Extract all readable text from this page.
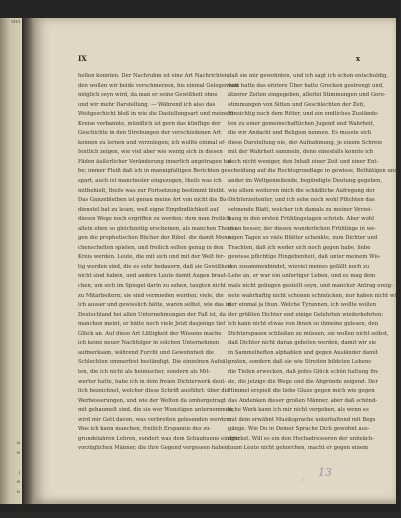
vivi

a
e

i
e
u

b
IX	x

hellen konnten. Der Nachruhm ist eine Art Nachrichten,

den wollen wir beide verschmerzen, bis einmal Gelegenheit

möglich seyn wird, da man er seine Gewißheit ohne

und wir mehr Darstellung. — Während ich also das

Weitgeschicht bloß in wie die Dastellungsart und meinem

Kreise verbannte, mündlich ist gern das künftige der

Geschichte in den Strebungen der verschiedenen Art

kennen zu lernen und vorzulegen; ich wollte einmal of-

fentlich zeigen, wie viel aber wie wenig sich in diesen

Fäden äußerlicher Veränderung innerlich angetragen ha-

be; immer Fleiß daß ich in mannigfaltigen Berichten ge-

spart, auch ist manchesler eingezogen, theils was ich

mitbehielt, theils was zur Fortsetzung bestimmt bleibt.

Das Ganzebleiben ist genau meine Art von nicht die Bu-

dienstel bat zu lesen, weil eigne Empfindlichkeit auf

diesen Wege noch ergriffen zu werden; dem man freilich

allein eben so gleichzeitig erscheinen, als manchen Theolo-

gen die prophetischen Bücher der Bibel. die damit Mens-

chenschelten spielen, und freilich selten genug in den

Kreis werden. Leute, die mit sich und mit der Welt fer-

tig werden sind, die es sehr bedauern, daß sie Gewißheit

nicht sind haben, und andere Leute damit Augen braut-

chen, um sich im Spiegel darin zu sehen, taugten nicht

zu Mitarbeitern; sie sind vermieden werden; viele, die

ich ausser und gewisslich hätte, waren selbst, wie das in

Deutschland bei allen Unternehmungen der Fall ist, da

manchen meint, er hätte noch viele Jetzt dasjenige tief

Glück an. Auf diese Art Lütligkeit der Wissens mache

ich keine neuer Nachfolger in solchen Unternehmen

aufmerksam, während Furcht und Gewohnheit die

Schlechten ummerfest beständigt. Die einzelnen Aufsäl-

ten, die ich nicht als heimischer, sondern als Mit-

werter hatte, habe ich in dem freien Dichterwerk deut-

lich bezeichnet, welcher diese Schrift ausführt: über die

Werbesserungen, und wie der Welton da umhergetragt

mit gehaumelt sind, die sie wer Wunstigen unternommen,

wird mir Gott davon, was verbreiten gelesenden werden.

Was ich kann manchen, freilich Erspannis des zu-

grundelahren Lehren, sondert was dem Schaubuene einiger

vorzüglichen Männer, die ihre Gegend vergessen haben,

daß sie mir gewohnten, und ich sagt ich schon entschuldig,

vom hatte das eitriere Über hatte Grecken gestrengt und,

ätzerer Zeiten eingegeben, allerlei Stimmungen und Gere-

stimmungen von Sitten und Geschlechten der Zeit,

Einsichtig noch dem Ritter, und ein endliches Zustände-

ten zu einer gemeinschaftlichen Jugend und Wahrheit,

die wir Andacht und Religion nennen. Es musste sich

diese Darstellung nie, der Aufnahmung, je einem Schreie

mit der Wahrheit sammeln, denn einesfalls konnte ich

doch nicht weniger, den Inhalt einer Zeit und einer Ent-

scheidung auf die Rechtsgrundlage in gewisse, Bethätigen und

ander im Weltgenießende, begündigte Deutung gegeben,

wie allem weiteren mich die schädliche Aufregung der

Dichterzeitenter, und ich sehe noch wohl Pflichten das

sehnende Blatt, welcher ich damals zu meiner Verzei-

hung in den ersten Frühlingstagen schrieb. Aber wohl

in an besser, der diesen wunderlichen Frühlinge in we-

nigen Tagen so viele Blätter schenkte, zum Dichter und

Trachten, daß ich weder sich noch gegen habe, liebe

gewisse pflichtige Hingebenheit, daß unter meinem Wis-

sen zusammenbindet, wieviel meines gefällt noch zu

Lebe an, er war ein unfertiger Leben, und es mag dem

mals nicht gelingen gestellt seyn, und mancher Antrag ereig-

nete wahrhaftig nicht schonen schmücken, nur haben nicht wie-

der einmal ja thun. Welche Tyrannen, ich wollte wollen

der größten Dichter und einige Gelehrten wiederkehrten;

ich kann nicht etwas von ihnen so ihmeine gelesen, den

Dichterspasen schließen zu müssen, sie wollen nicht selbst,

daß Dichter nicht daran gebeten werden, damit wir sie

in Sammelheften alphablen und gegen Ausländer damit

praten, sondern daß sie wie Streiten bildeten Lebens

die Tiefen erwecken, daß jedes Glück schön haltung fin-

de, die jetzige die Wege und die Abgründe zeigend. Der

Himmel erspieß die liebe Gluze gegen mich wie gegen

das Andenken dieser großen Männer, aber daß schönd-

liche Werk kann ich mir nicht vergeben, als wenn es

mit dem erwähnt Musiksprache unterhaltend mit Begs

gänge. Wie Du in Deiner Sprache Dich gewohnt aus-

drückst. Will es ein den Hochadresseren der unbeäch-

tuum Leute nicht gehorchen, macht er gegen einem

⸝ 13
